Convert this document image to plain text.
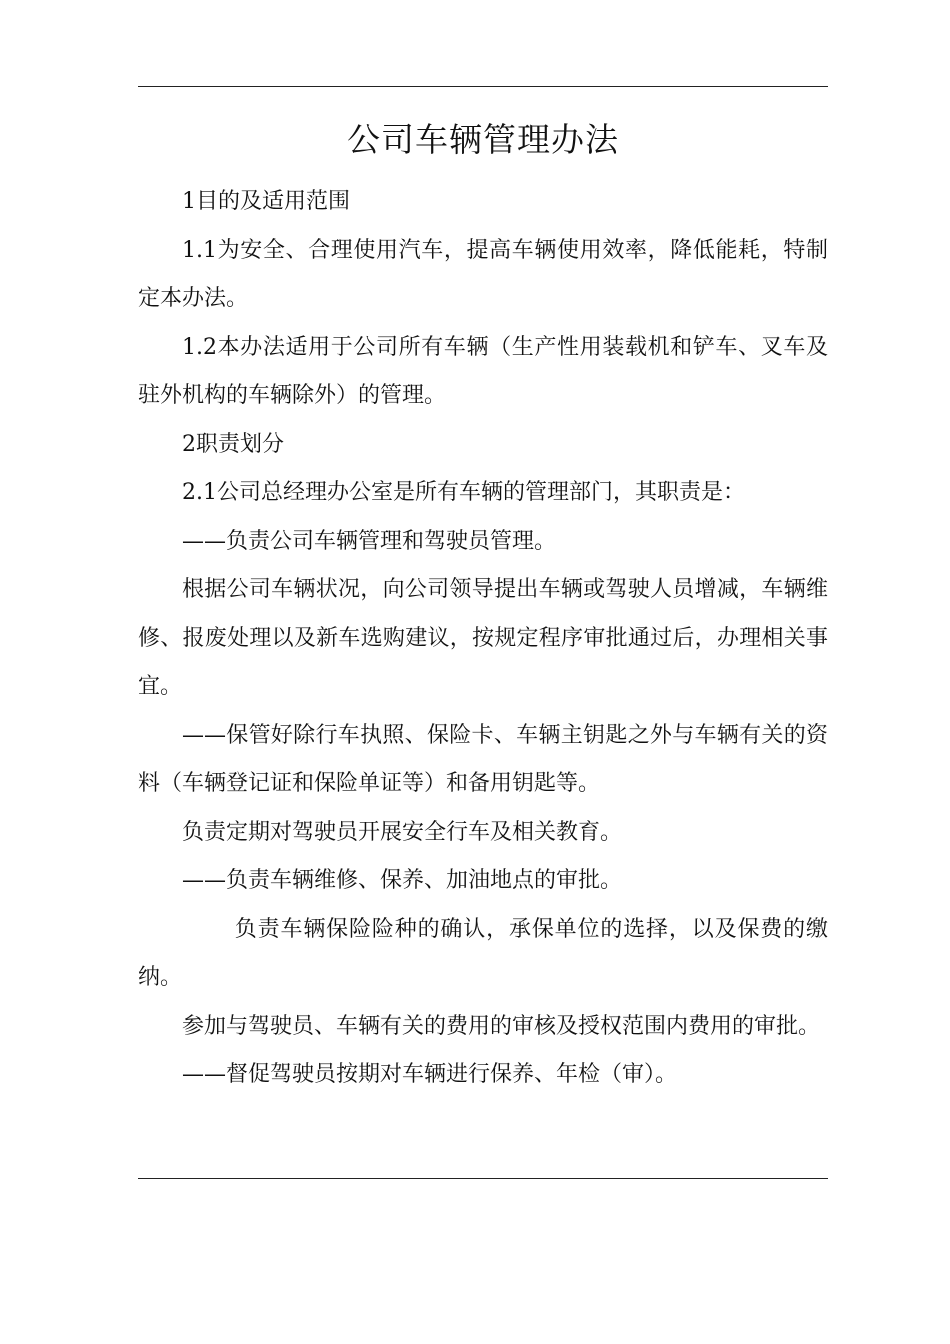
公司车辆管理办法

1目的及适用范围

1.1为安全、合理使用汽车，提高车辆使用效率，降低能耗，特制定本办法。

1.2本办法适用于公司所有车辆（生产性用装载机和铲车、叉车及驻外机构的车辆除外）的管理。

2职责划分

2.1公司总经理办公室是所有车辆的管理部门，其职责是：

——负责公司车辆管理和驾驶员管理。

根据公司车辆状况，向公司领导提出车辆或驾驶人员增减，车辆维修、报废处理以及新车选购建议，按规定程序审批通过后，办理相关事宜。

——保管好除行车执照、保险卡、车辆主钥匙之外与车辆有关的资料（车辆登记证和保险单证等）和备用钥匙等。

负责定期对驾驶员开展安全行车及相关教育。

——负责车辆维修、保养、加油地点的审批。

负责车辆保险险种的确认，承保单位的选择，以及保费的缴纳。

参加与驾驶员、车辆有关的费用的审核及授权范围内费用的审批。

——督促驾驶员按期对车辆进行保养、年检（审）。
